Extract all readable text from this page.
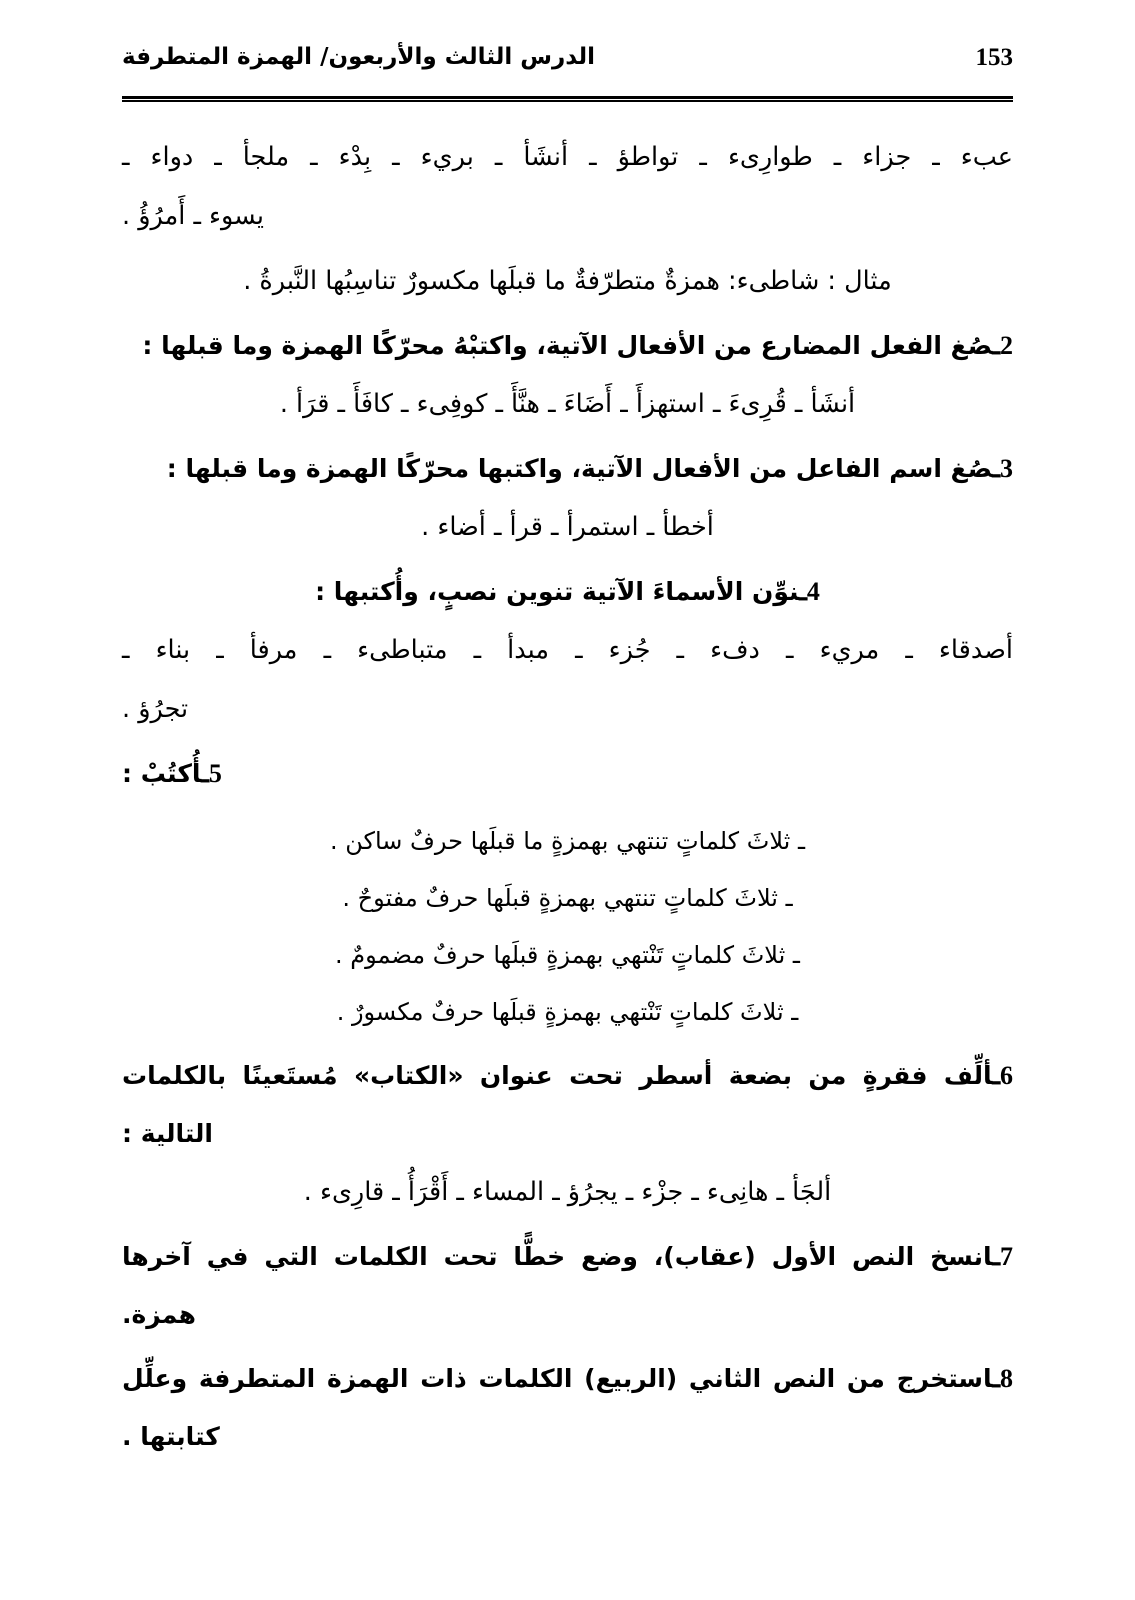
153
الدرس الثالث والأربعون/ الهمزة المتطرفة
عبء ـ جزاء ـ طوارِىء ـ تواطؤ ـ أنشَأ ـ بريء ـ بِدْء ـ ملجأ ـ دواء ـ
يسوء ـ أَمرُؤُ .
مثال : شاطىء: همزةٌ متطرّفةٌ ما قبلَها مكسورٌ تناسِبُها النَّبرةُ .
2ـصُغ الفعل المضارع من الأفعال الآتية، واكتبْهُ محرّكًا الهمزة وما قبلها :
أنشَأ ـ قُرِىءَ ـ استهزأَ ـ أَضَاءَ ـ هنَّأَ ـ كوفِىء ـ كافَأَ ـ قرَأ .
3ـصُغ اسم الفاعل من الأفعال الآتية، واكتبها محرّكًا الهمزة وما قبلها :
أخطأ ـ استمرأ ـ قرأ ـ أضاء .
4ـنوِّن الأسماءَ الآتية تنوين نصبٍ، وأُكتبها :
أصدقاء ـ مريء ـ دفء ـ جُزء ـ مبدأ ـ متباطىء ـ مرفأ ـ بناء ـ
تجرُؤ .
5ـأُكتُبْ :
ـ ثلاثَ كلماتٍ تنتهي بهمزةٍ ما قبلَها حرفٌ ساكن .
ـ ثلاثَ كلماتٍ تنتهي بهمزةٍ قبلَها حرفٌ مفتوحٌ .
ـ ثلاثَ كلماتٍ تَنْتهي بهمزةٍ قبلَها حرفٌ مضمومٌ .
ـ ثلاثَ كلماتٍ تَنْتهي بهمزةٍ قبلَها حرفٌ مكسورٌ .
6ـألِّف فقرةٍ من بضعة أسطر تحت عنوان «الكتاب» مُستَعينًا بالكلمات
التالية :
ألجَأ ـ هانِىء ـ جزْء ـ يجرُؤ ـ المساء ـ أَقْرَأُ ـ قارِىء .
7ـانسخ النص الأول (عقاب)، وضع خطًّا تحت الكلمات التي في آخرها
همزة.
8ـاستخرج من النص الثاني (الربيع) الكلمات ذات الهمزة المتطرفة وعلِّل
كتابتها .
